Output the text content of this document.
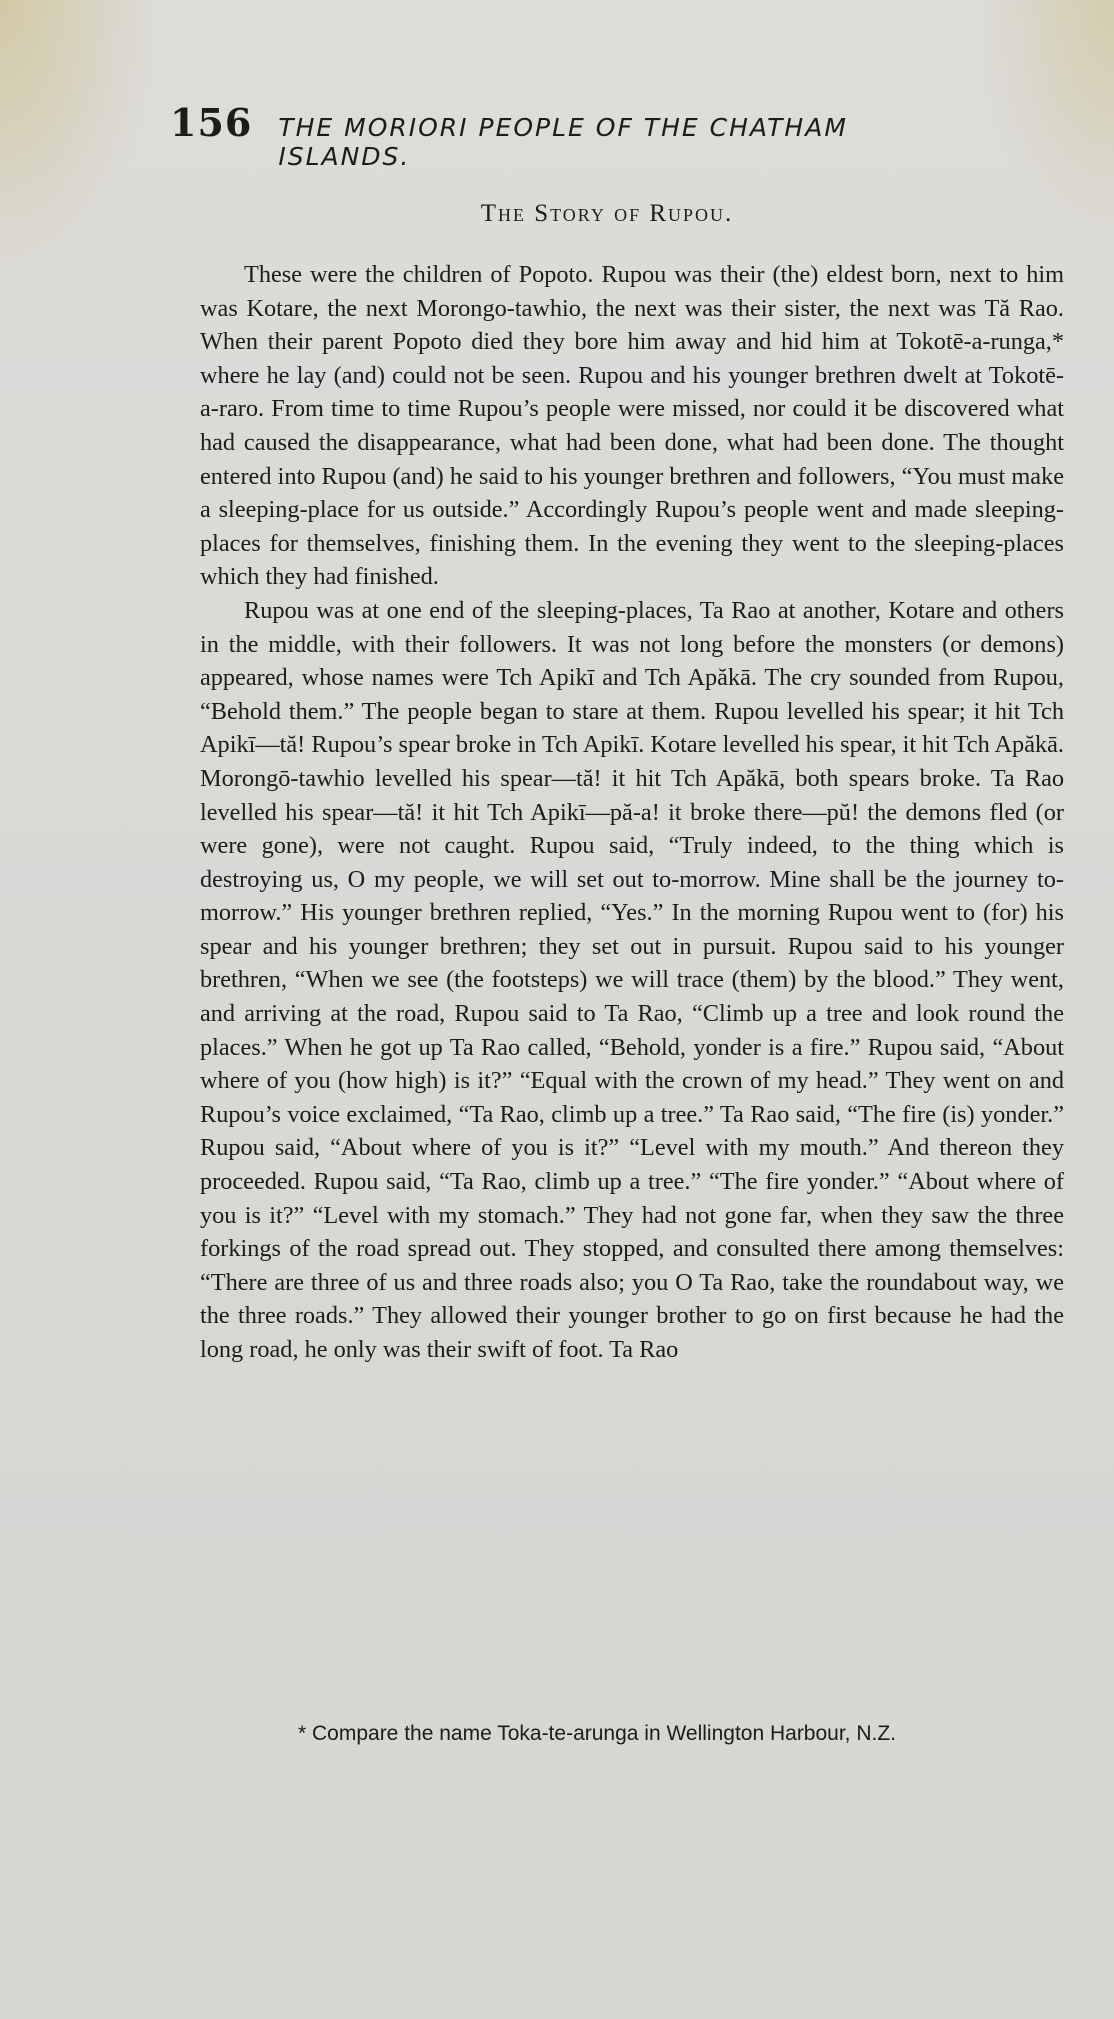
156 THE MORIORI PEOPLE OF THE CHATHAM ISLANDS.
The Story of Rupou.

These were the children of Popoto. Rupou was their (the) eldest born, next to him was Kotare, the next Morongo-tawhio, the next was their sister, the next was Tă Rao. When their parent Popoto died they bore him away and hid him at Tokotē-a-runga,* where he lay (and) could not be seen. Rupou and his younger brethren dwelt at Tokotē-a-raro. From time to time Rupou’s people were missed, nor could it be discovered what had caused the disappearance, what had been done, what had been done. The thought entered into Rupou (and) he said to his younger brethren and followers, “You must make a sleeping-place for us outside.” Accordingly Rupou’s people went and made sleeping-places for themselves, finishing them. In the evening they went to the sleeping-places which they had finished.

Rupou was at one end of the sleeping-places, Ta Rao at another, Kotare and others in the middle, with their followers. It was not long before the monsters (or demons) appeared, whose names were Tch Apikī and Tch Apăkā. The cry sounded from Rupou, “Behold them.” The people began to stare at them. Rupou levelled his spear; it hit Tch Apikī—tă! Rupou’s spear broke in Tch Apikī. Kotare levelled his spear, it hit Tch Apăkā. Morongō-tawhio levelled his spear—tă! it hit Tch Apăkā, both spears broke. Ta Rao levelled his spear—tă! it hit Tch Apikī—pă-a! it broke there—pŭ! the demons fled (or were gone), were not caught. Rupou said, “Truly indeed, to the thing which is destroying us, O my people, we will set out to-morrow. Mine shall be the journey to-morrow.” His younger brethren replied, “Yes.” In the morning Rupou went to (for) his spear and his younger brethren; they set out in pursuit. Rupou said to his younger brethren, “When we see (the footsteps) we will trace (them) by the blood.” They went, and arriving at the road, Rupou said to Ta Rao, “Climb up a tree and look round the places.” When he got up Ta Rao called, “Behold, yonder is a fire.” Rupou said, “About where of you (how high) is it?” “Equal with the crown of my head.” They went on and Rupou’s voice exclaimed, “Ta Rao, climb up a tree.” Ta Rao said, “The fire (is) yonder.” Rupou said, “About where of you is it?” “Level with my mouth.” And thereon they proceeded. Rupou said, “Ta Rao, climb up a tree.” “The fire yonder.” “About where of you is it?” “Level with my stomach.” They had not gone far, when they saw the three forkings of the road spread out. They stopped, and consulted there among themselves: “There are three of us and three roads also; you O Ta Rao, take the roundabout way, we the three roads.” They allowed their younger brother to go on first because he had the long road, he only was their swift of foot. Ta Rao

* Compare the name Toka-te-arunga in Wellington Harbour, N.Z.
